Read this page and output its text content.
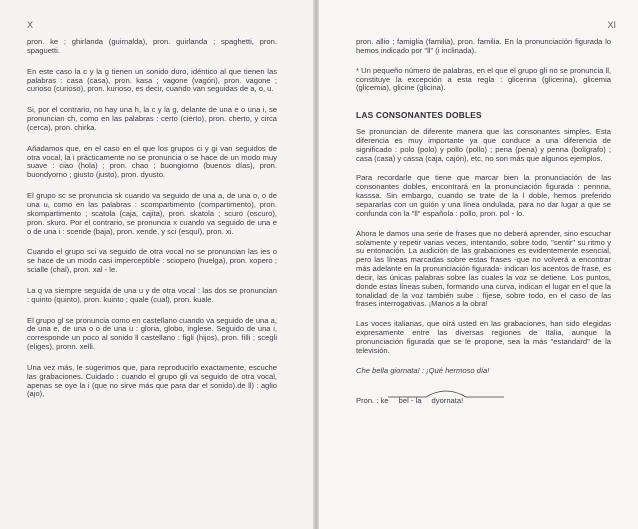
X

pron. ke ; ghirlanda (guirnalda), pron. guirlanda ; spaghetti, pron. spaguetti.

En este caso la c y la g tienen un sonido duro, idéntico al que tienen las palabras : casa (casa), pron. kasa ; vagone (vagón), pron. vagone ; curioso (curioso), pron. kurioso, es decir, cuando van seguidas de a, o, u.

Si, por el contrario, no hay una h, la c y la g, delante de una e o una i, se pronuncian ch, como en las palabras : certo (cierto), pron. cherto, y circa (cerca), pron. chirka.

Añadamos que, en el caso en el que los grupos ci y gi van seguidos de otra vocal, la i prácticamente no se pronuncia o se hace de un modo muy suave : ciao (hola) ; pron. chao ; buongiorno (buenos días), pron. buondyorno ; giusto (justo), pron. dyusto.

El grupo sc se pronuncia sk cuando va seguido de una a, de una o, o de una u, como en las palabras : scompartimento (compartimento), pron. skompartimento ; scatola (caja, cajita), pron. skatola ; scuro (oscuro), pron. skuro. Por el contrario, se pronuncia x cuando va seguido de una e o de una i : scende (baja), pron. xende, y sci (esquí), pron. xi.

Cuando el grupo sci va seguido de otra vocal no se pronuncian las ies o se hace de un modo casi imperceptible : sciopero (huelga), pron. xopero ; scialle (chal), pron. xal - le.

La q va siempre seguida de una u y de otra vocal : las dos se pronuncian : quinto (quinto), pron. kuinto ; quale (cual), pron. kuale.

El grupo gl se pronuncia como en castellano cuando va seguido de una a, de una e, de una o o de una u : gloria, globo, inglese. Seguido de una i, corresponde un poco al sonido ll castellano : figli (hijos), pron. filli ; scegli (eliges), pronn. xelli.

Una vez más, le sugerimos que, para reproducirlo exactamente, escuche las grabaciones. Cuidado : cuando el grupo gli va seguido de otra vocal, apenas se oye la i (que no sirve más que para dar el sonido).de ll) : aglio (ajo),

XI

pron. allio ; famiglia (familia), pron. familia. En la pronunciación figurada lo hemos indicado por "ll" (i inclinada).

* Un pequeño número de palabras, en el que el grupo gli no se pronuncia ll, constituye la excepción a esta regla : glicerina (glicerina), glicemia (glicemia), glicine (glicina).

LAS CONSONANTES DOBLES

Se pronuncian de diferente manera que las consonantes simples. Esta diferencia es muy importante ya que conduce a una diferencia de significado : polo (polo) y pollo (pollo) ; pena (pena) y penna (bolígrafo) ; casa (casa) y cassa (caja, cajón), etc, no son más que algunos ejemplos.

Para recordarle que tiene que marcar bien la pronunciación de las consonantes dobles, encontrará en la pronunciación figurada : pennna, kasssa. Sin embargo, cuando se trate de la l doble, hemos preferido separarlas con un guión y una línea ondulada, para no dar lugar a que se confunda con la "ll" española : pollo, pron. pol - lo.

Ahora le damos una serie de frases que no deberá aprender, sino escuchar solamente y repetir varias veces, intentando, sobre todo, "sentir" su ritmo y su entonación. La audición de las grabaciones es evidentemente esencial, pero las líneas marcadas sobre estas frases -que no volverá a encontrar más adelante en la pronunciación figurada- indican los acentos de frase, es decir, las únicas palabras sobre las cuales la voz se detiene. Los puntos, donde estas líneas suben, formando una curva, indican el lugar en el que la tonalidad de la voz también sube : fíjese, sobre todo, en el caso de las frases interrogativas. ¡Manos a la obra!

Las voces italianas, que oirá usted en las grabaciones, han sido elegidas expresamente entre las diversas regiones de Italia, aunque la pronunciación figurada que se le propone, sea la más "estandard" de la televisión.

Che bella giornata! : ¡Qué hermoso día!
Pron. : ke bel - la dyornata!
